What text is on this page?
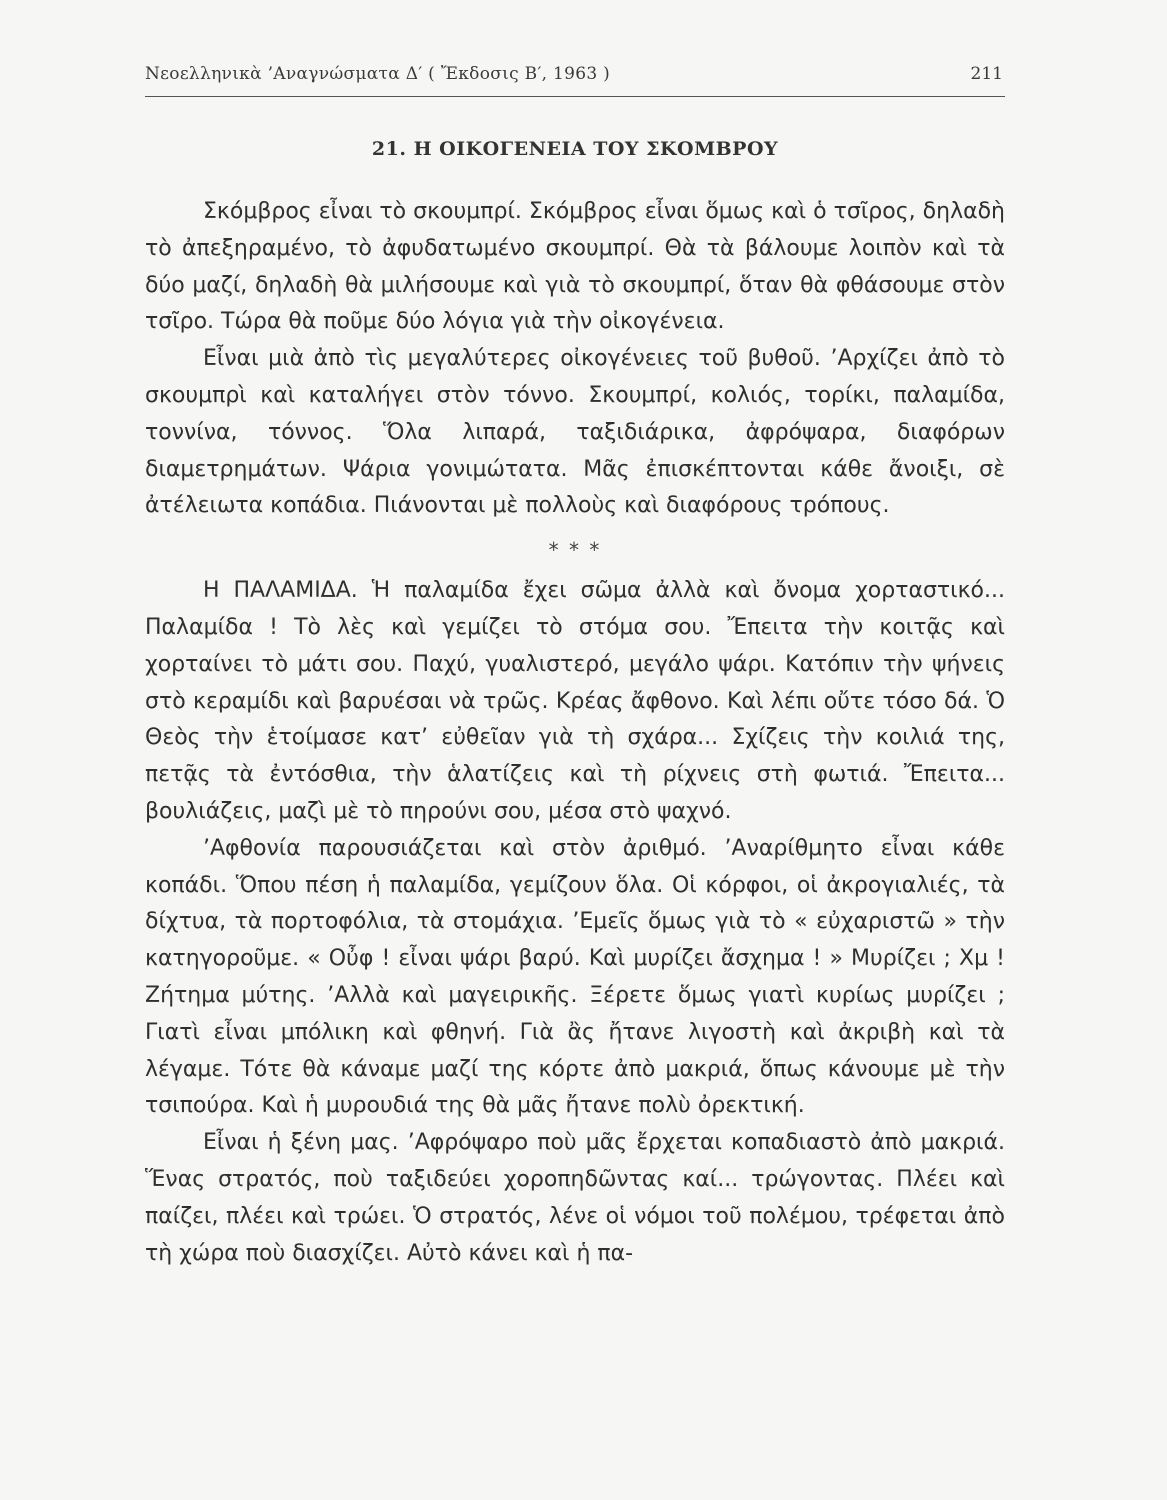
Νεοελληνικὰ ’Αναγνώσματα Δ′ ( Ἔκδοσις Β′, 1963 )	211
21. Η ΟΙΚΟΓΕΝΕΙΑ ΤΟΥ ΣΚΟΜΒΡΟΥ

Σκόμβρος εἶναι τὸ σκουμπρί. Σκόμβρος εἶναι ὅμως καὶ ὁ τσῖρος, δηλαδὴ τὸ ἀπεξηραμένο, τὸ ἀφυδατωμένο σκουμπρί. Θὰ τὰ βάλουμε λοιπὸν καὶ τὰ δύο μαζί, δηλαδὴ θὰ μιλήσουμε καὶ γιὰ τὸ σκουμπρί, ὅταν θὰ φθάσουμε στὸν τσῖρο. Τώρα θὰ ποῦμε δύο λόγια γιὰ τὴν οἰκογένεια.

Εἶναι μιὰ ἀπὸ τὶς μεγαλύτερες οἰκογένειες τοῦ βυθοῦ. ’Αρχίζει ἀπὸ τὸ σκουμπρὶ καὶ καταλήγει στὸν τόννο. Σκουμπρί, κολιός, τορίκι, παλαμίδα, τοννίνα, τόννος. Ὅλα λιπαρά, ταξιδιάρικα, ἀφρόψαρα, διαφόρων διαμετρημάτων. Ψάρια γονιμώτατα. Μᾶς ἐπισκέπτονται κάθε ἄνοιξι, σὲ ἀτέλειωτα κοπάδια. Πιάνονται μὲ πολλοὺς καὶ διαφόρους τρόπους.

* * *

Η ΠΑΛΑΜΙΔΑ. Ἡ παλαμίδα ἔχει σῶμα ἀλλὰ καὶ ὄνομα χορταστικό... Παλαμίδα ! Τὸ λὲς καὶ γεμίζει τὸ στόμα σου. Ἔπειτα τὴν κοιτᾷς καὶ χορταίνει τὸ μάτι σου. Παχύ, γυαλιστερό, μεγάλο ψάρι. Κατόπιν τὴν ψήνεις στὸ κεραμίδι καὶ βαρυέσαι νὰ τρῶς. Κρέας ἄφθονο. Καὶ λέπι οὔτε τόσο δά. Ὁ Θεὸς τὴν ἑτοίμασε κατ’ εὐθεῖαν γιὰ τὴ σχάρα... Σχίζεις τὴν κοιλιά της, πετᾷς τὰ ἐντόσθια, τὴν ἁλατίζεις καὶ τὴ ρίχνεις στὴ φωτιά. Ἔπειτα... βουλιάζεις, μαζὶ μὲ τὸ πηρούνι σου, μέσα στὸ ψαχνό.

’Αφθονία παρουσιάζεται καὶ στὸν ἀριθμό. ’Αναρίθμητο εἶναι κάθε κοπάδι. Ὅπου πέση ἡ παλαμίδα, γεμίζουν ὅλα. Οἱ κόρφοι, οἱ ἀκρογιαλιές, τὰ δίχτυα, τὰ πορτοφόλια, τὰ στομάχια. ’Εμεῖς ὅμως γιὰ τὸ « εὐχαριστῶ » τὴν κατηγοροῦμε. « Οὖφ ! εἶναι ψάρι βαρύ. Καὶ μυρίζει ἄσχημα ! » Μυρίζει ; Χμ ! Ζήτημα μύτης. ’Αλλὰ καὶ μαγειρικῆς. Ξέρετε ὅμως γιατὶ κυρίως μυρίζει ; Γιατὶ εἶναι μπόλικη καὶ φθηνή. Γιὰ ἂς ἤτανε λιγοστὴ καὶ ἀκριβὴ καὶ τὰ λέγαμε. Τότε θὰ κάναμε μαζί της κόρτε ἀπὸ μακριά, ὅπως κάνουμε μὲ τὴν τσιπούρα. Καὶ ἡ μυρουδιά της θὰ μᾶς ἤτανε πολὺ ὀρεκτική.

Εἶναι ἡ ξένη μας. ’Αφρόψαρο ποὺ μᾶς ἔρχεται κοπαδιαστὸ ἀπὸ μακριά. Ἕνας στρατός, ποὺ ταξιδεύει χοροπηδῶντας καί... τρώγοντας. Πλέει καὶ παίζει, πλέει καὶ τρώει. Ὁ στρατός, λένε οἱ νόμοι τοῦ πολέμου, τρέφεται ἀπὸ τὴ χώρα ποὺ διασχίζει. Αὐτὸ κάνει καὶ ἡ πα-
